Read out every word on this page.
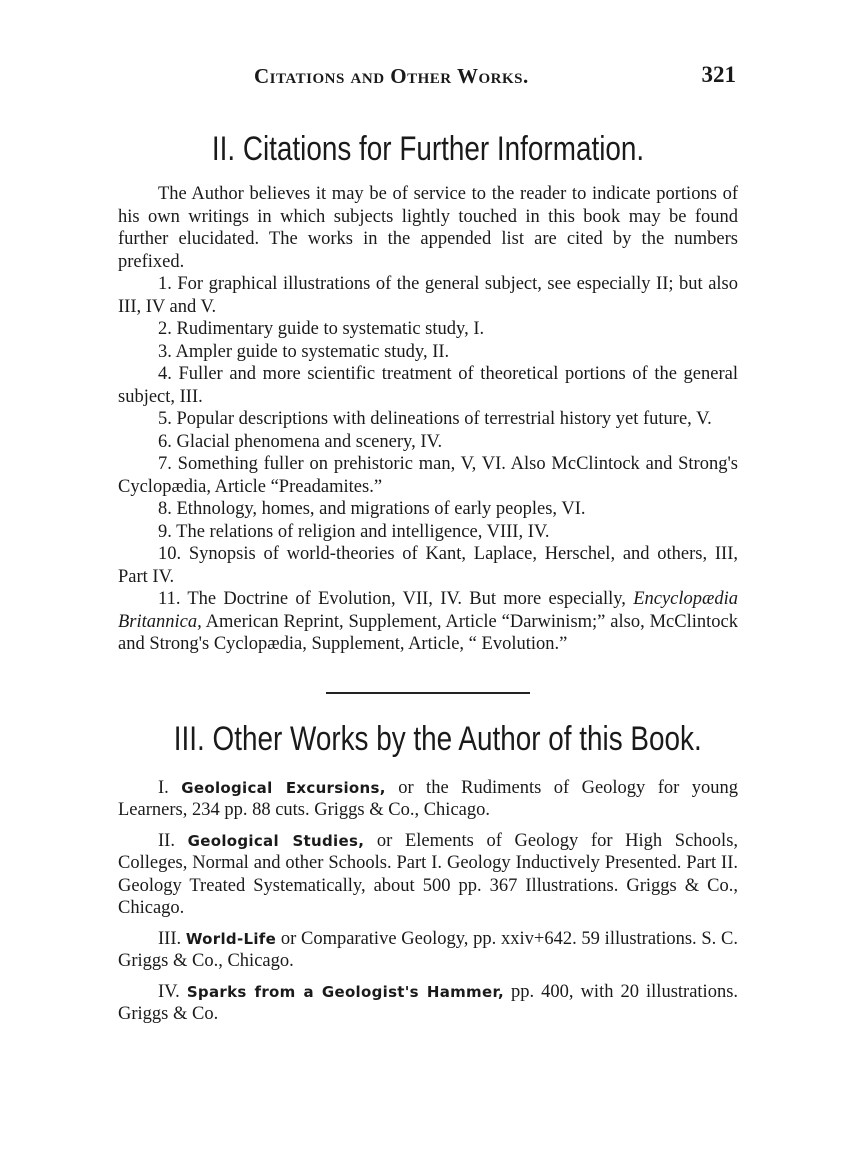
Citations and Other Works.	321
II. Citations for Further Information.

The Author believes it may be of service to the reader to indicate portions of his own writings in which subjects lightly touched in this book may be found further elucidated. The works in the appended list are cited by the numbers prefixed.

1. For graphical illustrations of the general subject, see especially II; but also III, IV and V.

2. Rudimentary guide to systematic study, I.

3. Ampler guide to systematic study, II.

4. Fuller and more scientific treatment of theoretical portions of the general subject, III.

5. Popular descriptions with delineations of terrestrial history yet future, V.

6. Glacial phenomena and scenery, IV.

7. Something fuller on prehistoric man, V, VI. Also McClintock and Strong's Cyclopædia, Article “Preadamites.”

8. Ethnology, homes, and migrations of early peoples, VI.

9. The relations of religion and intelligence, VIII, IV.

10. Synopsis of world-theories of Kant, Laplace, Herschel, and others, III, Part IV.

11. The Doctrine of Evolution, VII, IV. But more especially, Encyclopædia Britannica, American Reprint, Supplement, Article “Darwinism;” also, McClintock and Strong's Cyclopædia, Supplement, Article, “ Evolution.”

III. Other Works by the Author of this Book.

I. Geological Excursions, or the Rudiments of Geology for young Learners, 234 pp. 88 cuts. Griggs & Co., Chicago.

II. Geological Studies, or Elements of Geology for High Schools, Colleges, Normal and other Schools. Part I. Geology Inductively Presented. Part II. Geology Treated Systematically, about 500 pp. 367 Illustrations. Griggs & Co., Chicago.

III. World-Life or Comparative Geology, pp. xxiv+642. 59 illustrations. S. C. Griggs & Co., Chicago.

IV. Sparks from a Geologist's Hammer, pp. 400, with 20 illustrations. Griggs & Co.
